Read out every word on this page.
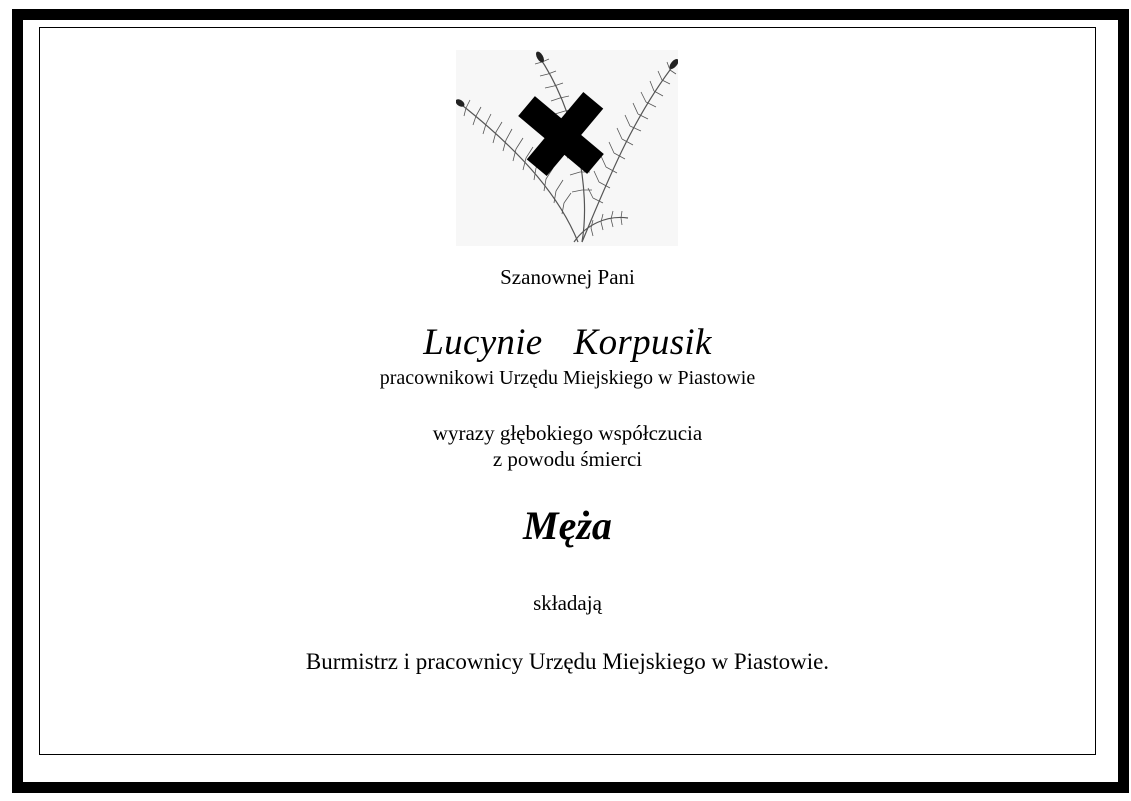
Szanownej Pani
Lucynie  Korpusik
pracownikowi Urzędu Miejskiego w Piastowie
wyrazy głębokiego współczucia
z powodu śmierci
Męża
składają
Burmistrz i pracownicy Urzędu Miejskiego w Piastowie.
